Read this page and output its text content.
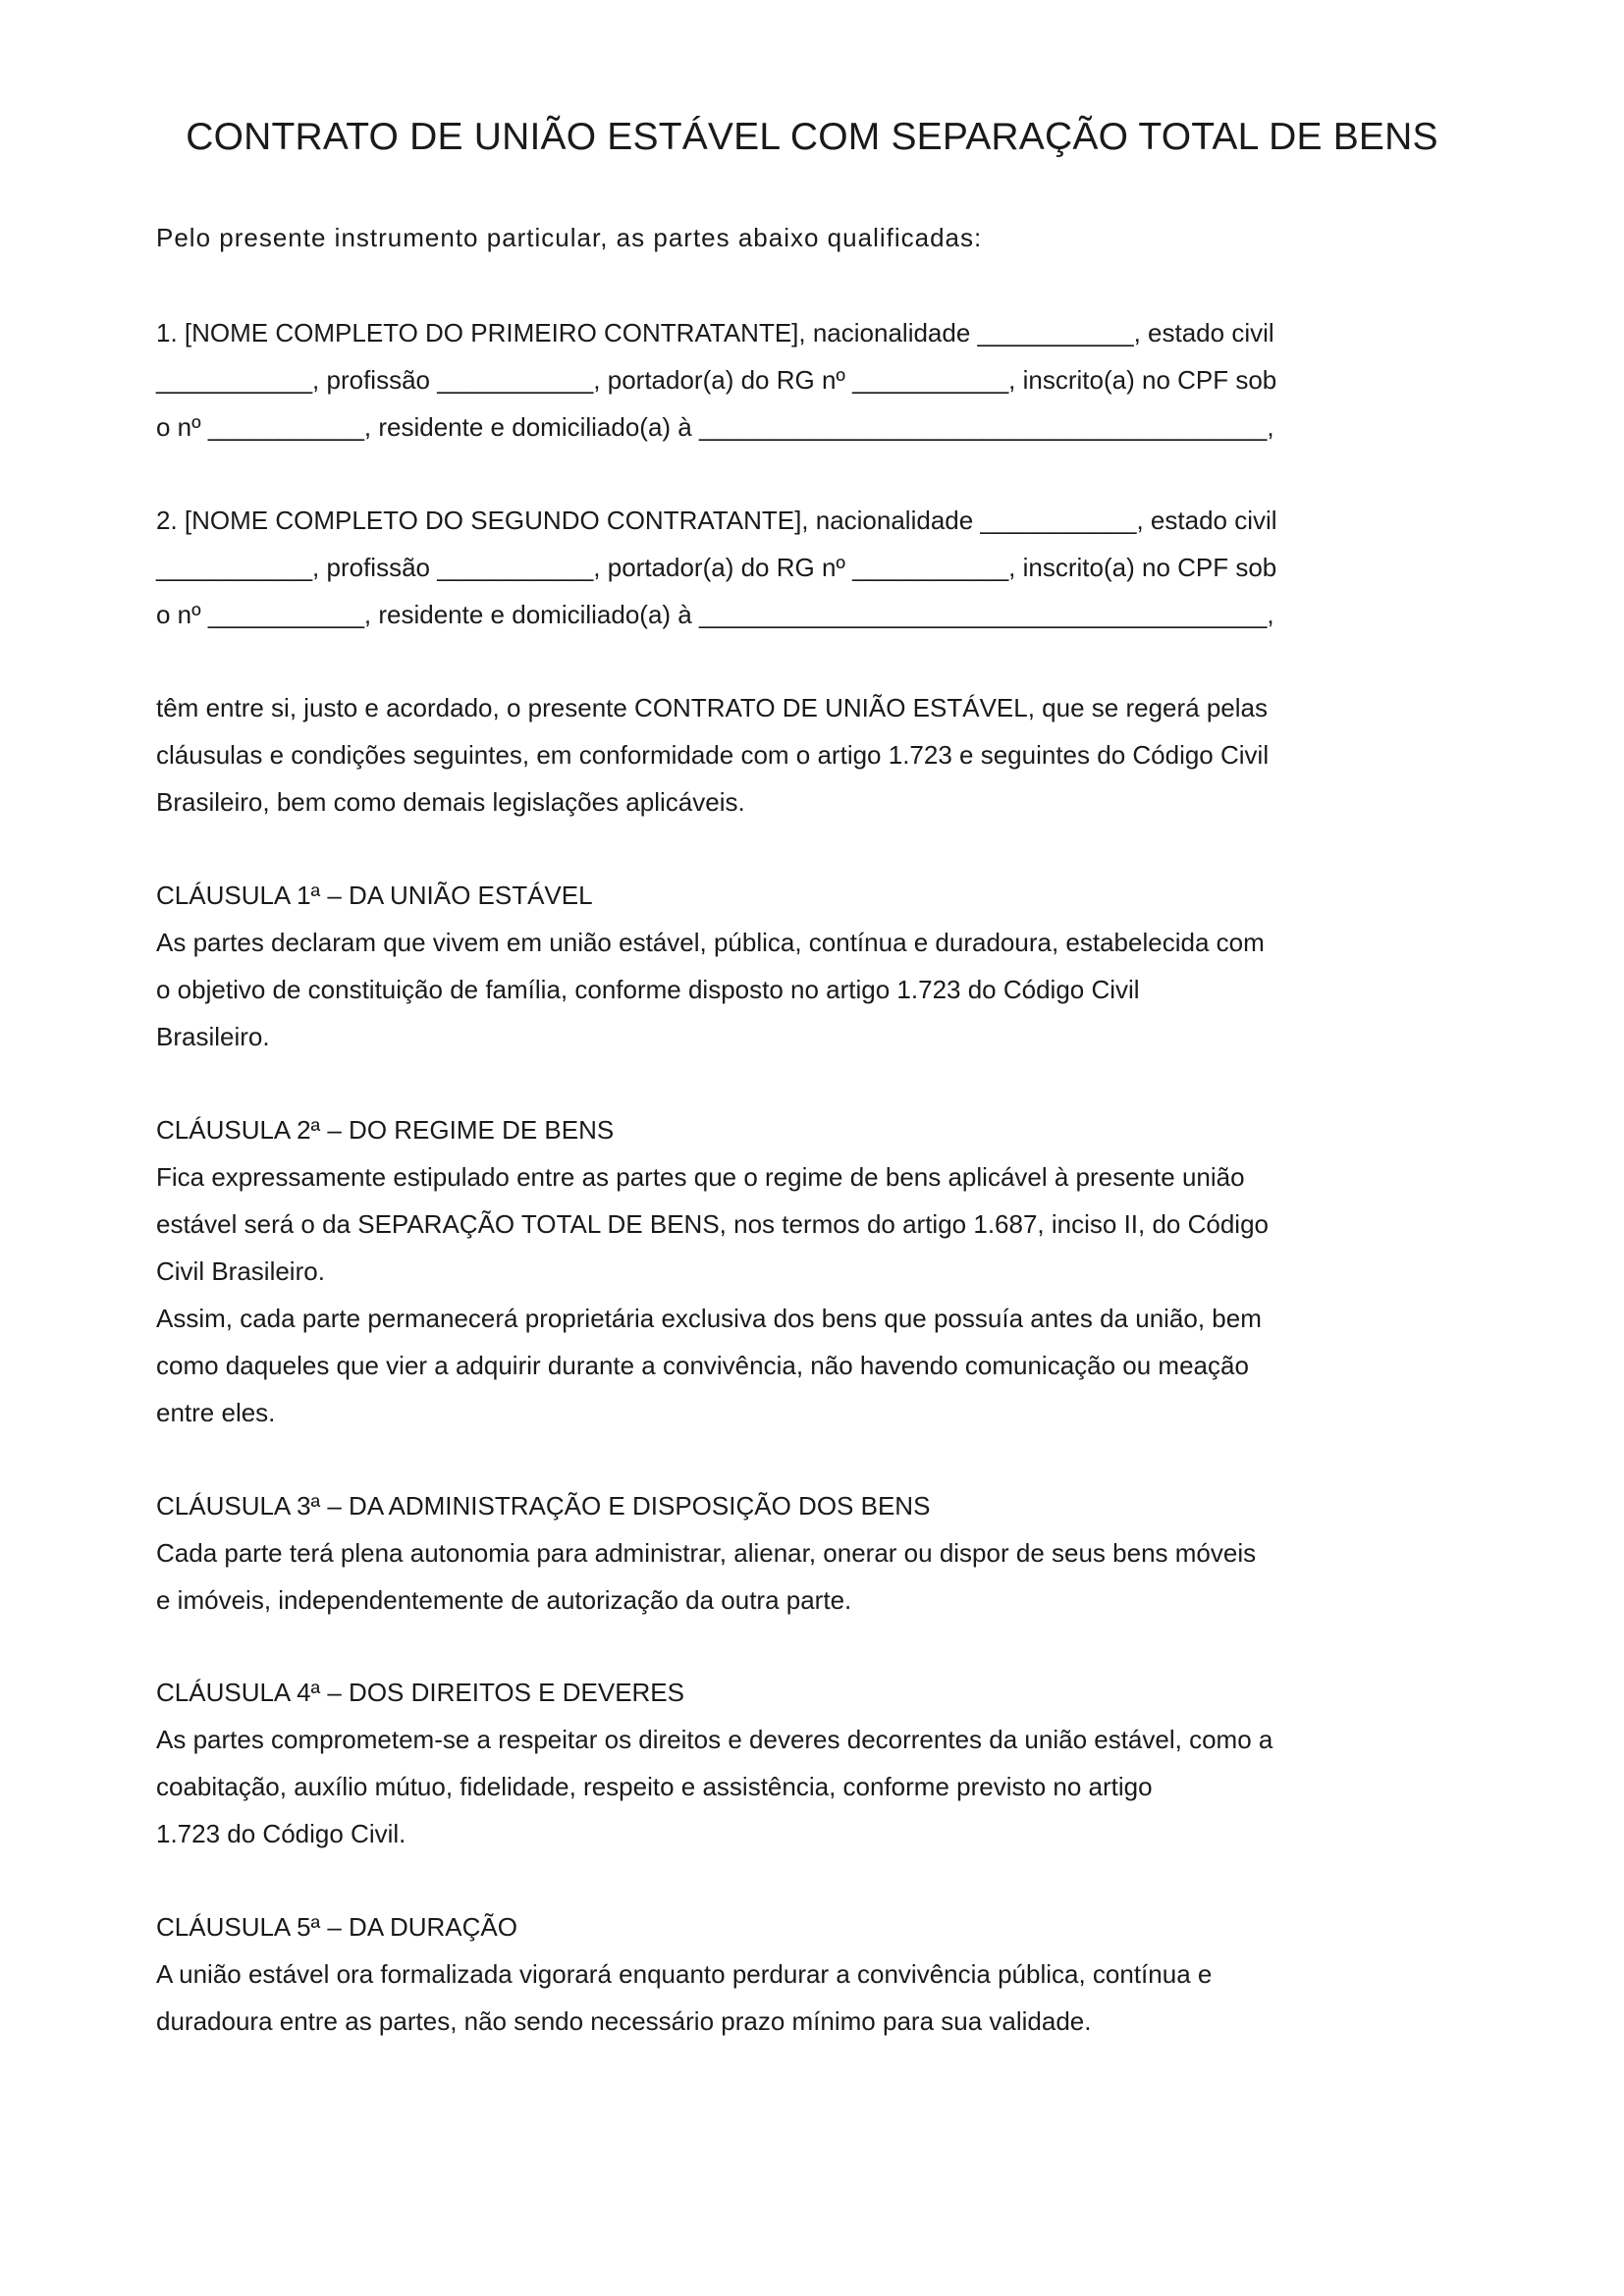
CONTRATO DE UNIÃO ESTÁVEL COM SEPARAÇÃO TOTAL DE BENS
Pelo presente instrumento particular, as partes abaixo qualificadas:
1. [NOME COMPLETO DO PRIMEIRO CONTRATANTE], nacionalidade ___________, estado civil
___________, profissão ___________, portador(a) do RG nº ___________, inscrito(a) no CPF sob
o nº ___________, residente e domiciliado(a) à ________________________________________,
2. [NOME COMPLETO DO SEGUNDO CONTRATANTE], nacionalidade ___________, estado civil
___________, profissão ___________, portador(a) do RG nº ___________, inscrito(a) no CPF sob
o nº ___________, residente e domiciliado(a) à ________________________________________,
têm entre si, justo e acordado, o presente CONTRATO DE UNIÃO ESTÁVEL, que se regerá pelas
cláusulas e condições seguintes, em conformidade com o artigo 1.723 e seguintes do Código Civil
Brasileiro, bem como demais legislações aplicáveis.
CLÁUSULA 1ª – DA UNIÃO ESTÁVEL
As partes declaram que vivem em união estável, pública, contínua e duradoura, estabelecida com
o objetivo de constituição de família, conforme disposto no artigo 1.723 do Código Civil
Brasileiro.
CLÁUSULA 2ª – DO REGIME DE BENS
Fica expressamente estipulado entre as partes que o regime de bens aplicável à presente união
estável será o da SEPARAÇÃO TOTAL DE BENS, nos termos do artigo 1.687, inciso II, do Código
Civil Brasileiro.
Assim, cada parte permanecerá proprietária exclusiva dos bens que possuía antes da união, bem
como daqueles que vier a adquirir durante a convivência, não havendo comunicação ou meação
entre eles.
CLÁUSULA 3ª – DA ADMINISTRAÇÃO E DISPOSIÇÃO DOS BENS
Cada parte terá plena autonomia para administrar, alienar, onerar ou dispor de seus bens móveis
e imóveis, independentemente de autorização da outra parte.
CLÁUSULA 4ª – DOS DIREITOS E DEVERES
As partes comprometem-se a respeitar os direitos e deveres decorrentes da união estável, como a
coabitação, auxílio mútuo, fidelidade, respeito e assistência, conforme previsto no artigo
1.723 do Código Civil.
CLÁUSULA 5ª – DA DURAÇÃO
A união estável ora formalizada vigorará enquanto perdurar a convivência pública, contínua e
duradoura entre as partes, não sendo necessário prazo mínimo para sua validade.
